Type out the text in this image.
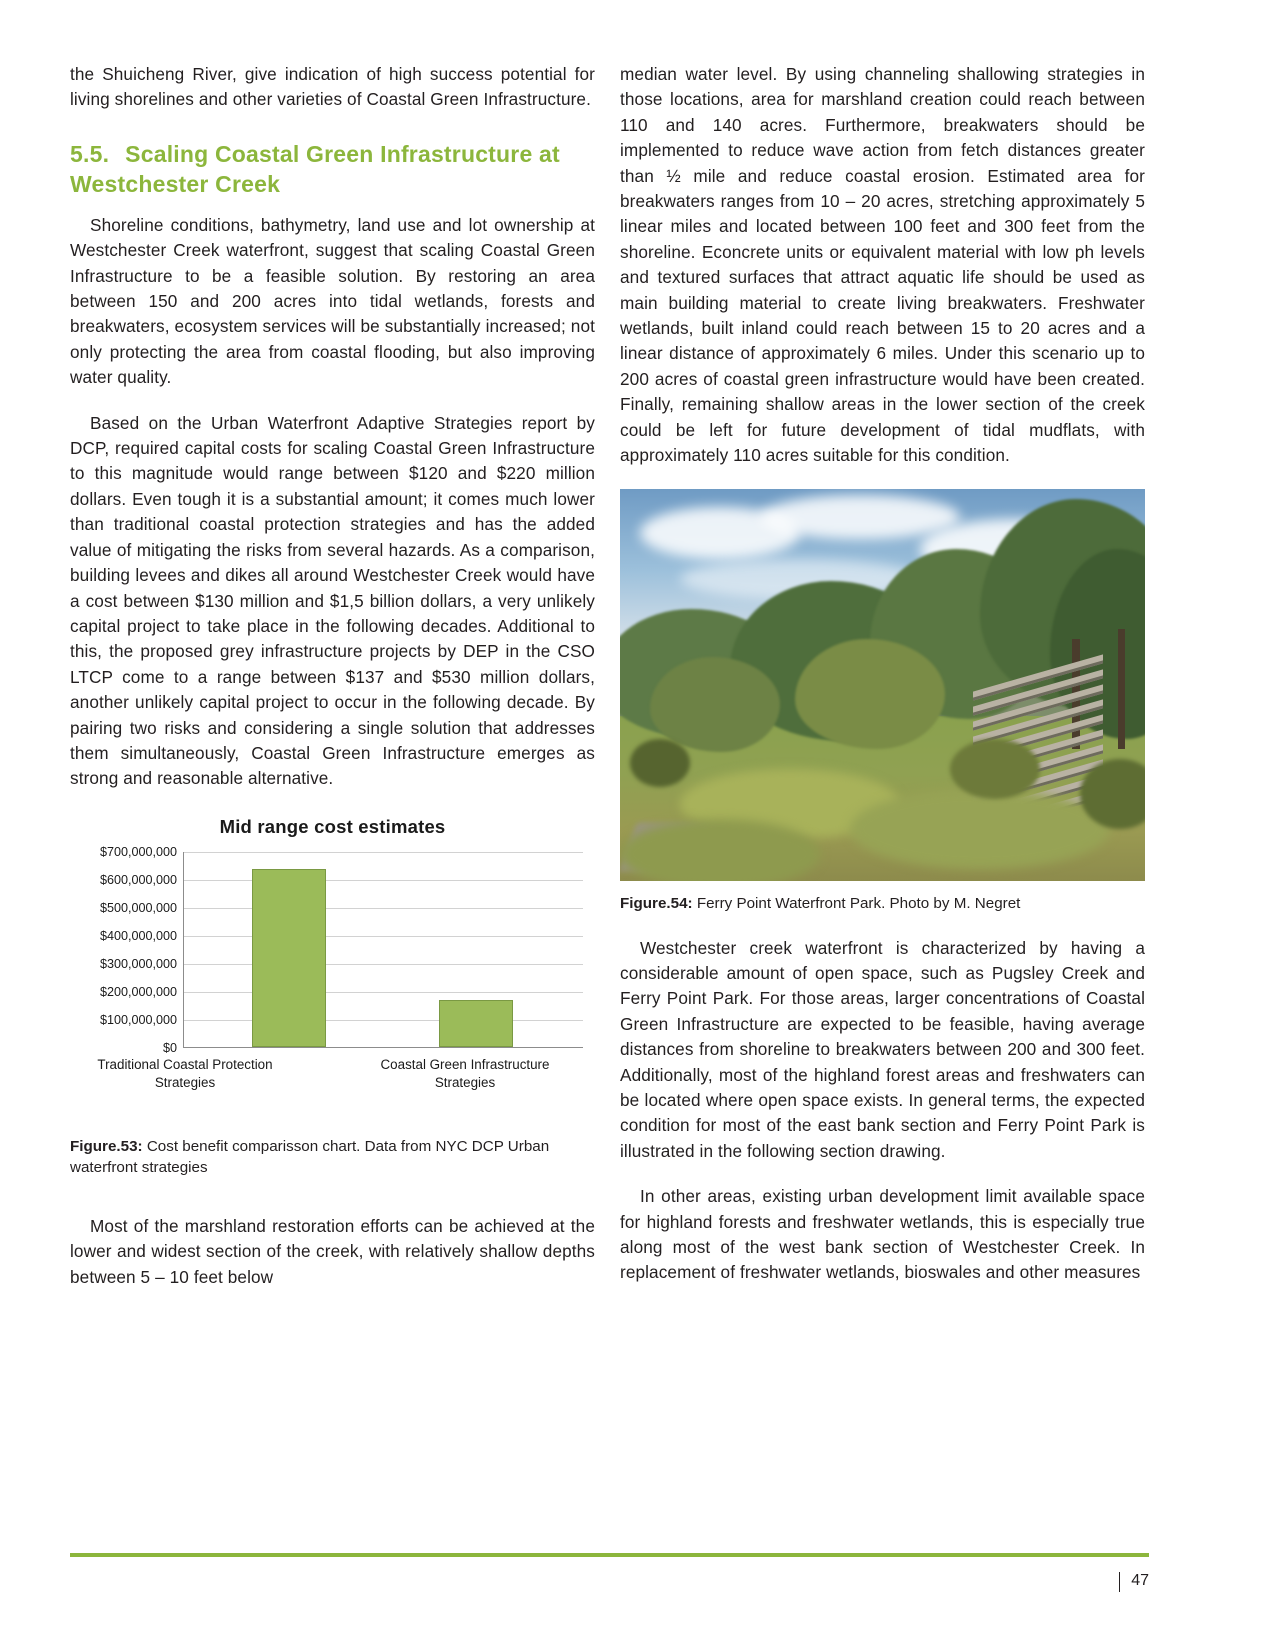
the Shuicheng River, give indication of high success potential for living shorelines and other varieties of Coastal Green Infrastructure.

5.5. Scaling Coastal Green Infrastructure at Westchester Creek

Shoreline conditions, bathymetry, land use and lot ownership at Westchester Creek waterfront, suggest that scaling Coastal Green Infrastructure to be a feasible solution. By restoring an area between 150 and 200 acres into tidal wetlands, forests and breakwaters, ecosystem services will be substantially increased; not only protecting the area from coastal flooding, but also improving water quality.

Based on the Urban Waterfront Adaptive Strategies report by DCP, required capital costs for scaling Coastal Green Infrastructure to this magnitude would range between $120 and $220 million dollars. Even tough it is a substantial amount; it comes much lower than traditional coastal protection strategies and has the added value of mitigating the risks from several hazards. As a comparison, building levees and dikes all around Westchester Creek would have a cost between $130 million and $1,5 billion dollars, a very unlikely capital project to take place in the following decades. Additional to this, the proposed grey infrastructure projects by DEP in the CSO LTCP come to a range between $137 and $530 million dollars, another unlikely capital project to occur in the following decade. By pairing two risks and considering a single solution that addresses them simultaneously, Coastal Green Infrastructure emerges as strong and reasonable alternative.

Mid range cost estimates
$700,000,000
$600,000,000
$500,000,000
$400,000,000
$300,000,000
$200,000,000
$100,000,000
$0
Traditional Coastal Protection Strategies
Coastal Green Infrastructure Strategies
Figure.53: Cost benefit comparisson chart. Data from NYC DCP Urban waterfront strategies

Most of the marshland restoration efforts can be achieved at the lower and widest section of the creek, with relatively shallow depths between 5 – 10 feet below

median water level. By using channeling shallowing strategies in those locations, area for marshland creation could reach between 110 and 140 acres. Furthermore, breakwaters should be implemented to reduce wave action from fetch distances greater than ½ mile and reduce coastal erosion. Estimated area for breakwaters ranges from 10 – 20 acres, stretching approximately 5 linear miles and located between 100 feet and 300 feet from the shoreline. Econcrete units or equivalent material with low ph levels and textured surfaces that attract aquatic life should be used as main building material to create living breakwaters. Freshwater wetlands, built inland could reach between 15 to 20 acres and a linear distance of approximately 6 miles. Under this scenario up to 200 acres of coastal green infrastructure would have been created. Finally, remaining shallow areas in the lower section of the creek could be left for future development of tidal mudflats, with approximately 110 acres suitable for this condition.

Figure.54: Ferry Point Waterfront Park. Photo by M. Negret

Westchester creek waterfront is characterized by having a considerable amount of open space, such as Pugsley Creek and Ferry Point Park. For those areas, larger concentrations of Coastal Green Infrastructure are expected to be feasible, having average distances from shoreline to breakwaters between 200 and 300 feet. Additionally, most of the highland forest areas and freshwaters can be located where open space exists. In general terms, the expected condition for most of the east bank section and Ferry Point Park is illustrated in the following section drawing.

In other areas, existing urban development limit available space for highland forests and freshwater wetlands, this is especially true along most of the west bank section of Westchester Creek. In replacement of freshwater wetlands, bioswales and other measures

47
